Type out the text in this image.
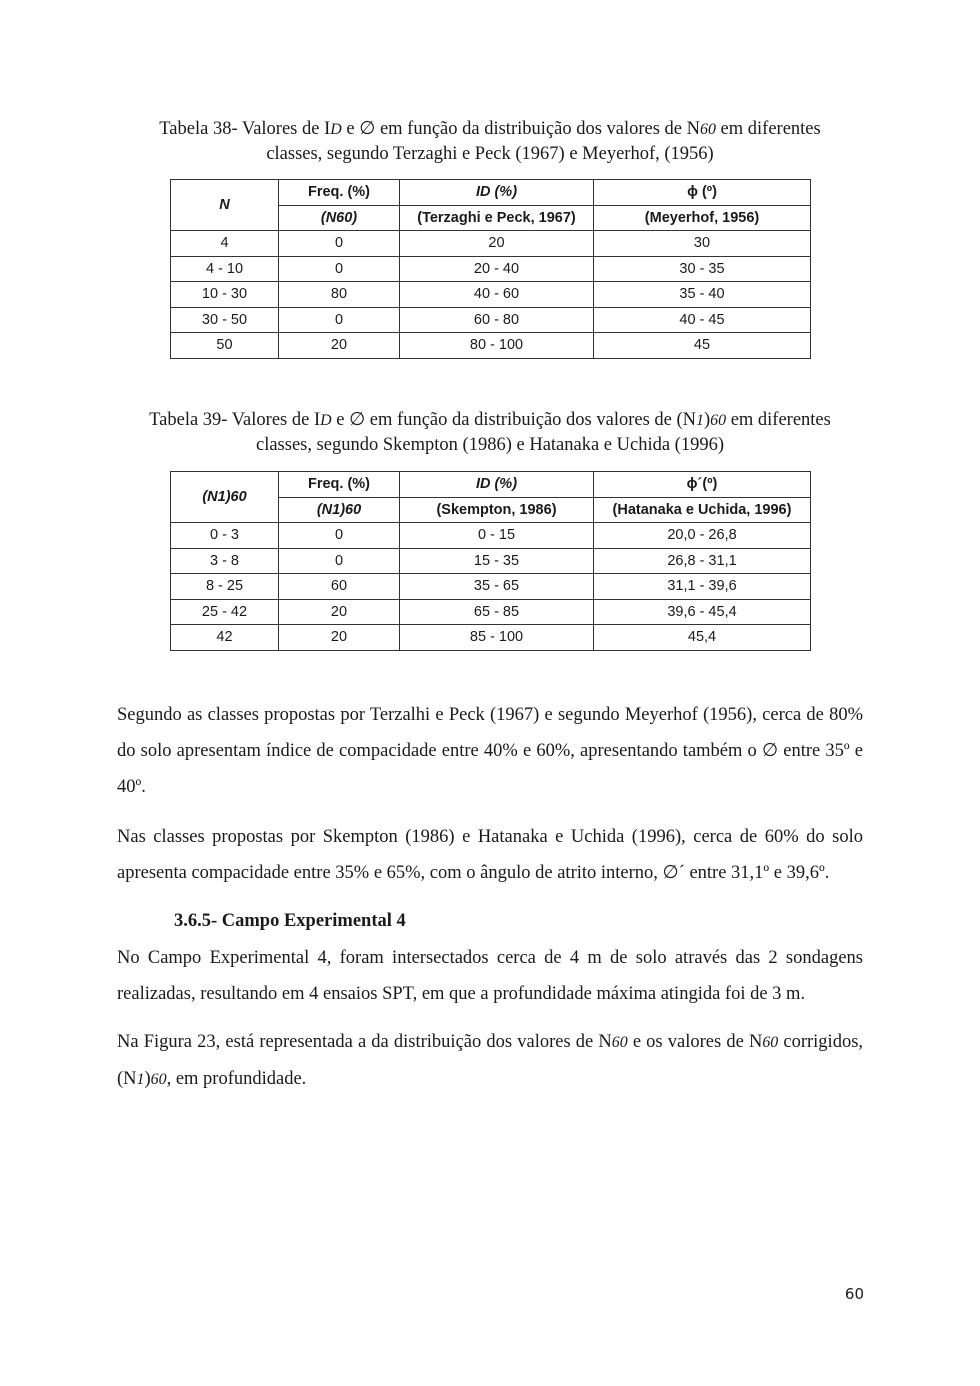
Tabela 38- Valores de ID e ∅ em função da distribuição dos valores de N60 em diferentes
classes, segundo Terzaghi e Peck (1967) e Meyerhof, (1956)
N	Freq. (%)	ID (%)	ϕ (º)
	(N60)	(Terzaghi e Peck, 1967)	(Meyerhof, 1956)
4	0	20	30
4 - 10	0	20 - 40	30 - 35
10 - 30	80	40 - 60	35 - 40
30 - 50	0	60 - 80	40 - 45
50	20	80 - 100	45
Tabela 39- Valores de ID e ∅ em função da distribuição dos valores de (N1)60 em diferentes
classes, segundo Skempton (1986) e Hatanaka e Uchida (1996)
(N1)60	Freq. (%)	ID (%)	ϕ´(º)
	(N1)60	(Skempton, 1986)	(Hatanaka e Uchida, 1996)
0 - 3	0	0 - 15	20,0 - 26,8
3 - 8	0	15 - 35	26,8 - 31,1
8 - 25	60	35 - 65	31,1 - 39,6
25 - 42	20	65 - 85	39,6 - 45,4
42	20	85 - 100	45,4
Segundo as classes propostas por Terzalhi e Peck (1967) e segundo Meyerhof (1956), cerca de 80% do solo apresentam índice de compacidade entre 40% e 60%, apresentando também o ∅ entre 35º e 40º.
Nas classes propostas por Skempton (1986) e Hatanaka e Uchida (1996), cerca de 60% do solo apresenta compacidade entre 35% e 65%, com o ângulo de atrito interno, ∅´ entre 31,1º e 39,6º.
3.6.5- Campo Experimental 4
No Campo Experimental 4, foram intersectados cerca de 4 m de solo através das 2 sondagens realizadas, resultando em 4 ensaios SPT, em que a profundidade máxima atingida foi de 3 m.
Na Figura 23, está representada a da distribuição dos valores de N60 e os valores de N60 corrigidos, (N1)60, em profundidade.
60
